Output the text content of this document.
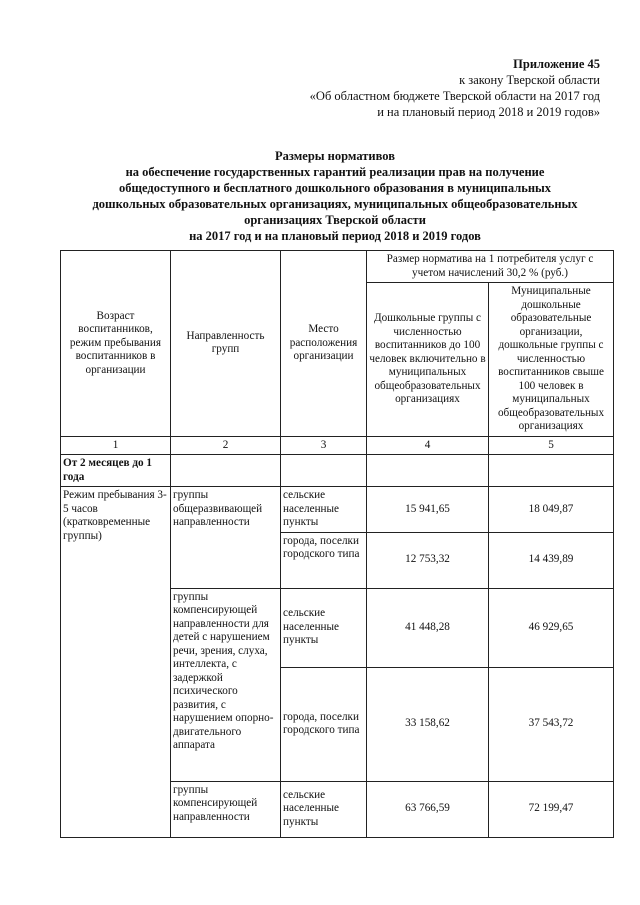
Приложение 45
к закону Тверской области
«Об областном бюджете Тверской области на 2017 год
и на плановый период 2018 и 2019 годов»
Размеры нормативов
на обеспечение государственных гарантий реализации прав на получение
общедоступного и бесплатного дошкольного образования в муниципальных
дошкольных образовательных организациях, муниципальных общеобразовательных
организациях Тверской области
на 2017 год и на плановый период 2018 и 2019 годов
Возраст воспитанников, режим пребывания воспитанников в организации	Направленность групп	Место расположения организации	Размер норматива на 1 потребителя услуг с учетом начислений 30,2 % (руб.)	
			Дошкольные группы с численностью воспитанников до 100 человек включительно в муниципальных общеобразовательных организациях	Муниципальные дошкольные образовательные организации, дошкольные группы с численностью воспитанников свыше 100 человек в муниципальных общеобразовательных организациях
1	2	3	4	5
От 2 месяцев до 1 года				
Режим пребывания 3-5 часов (кратковременные группы)	группы общеразвивающей направленности	сельские населенные пункты	15 941,65	18 049,87
		города, поселки городского типа	12 753,32	14 439,89
	группы компенсирующей направленности для детей с нарушением речи, зрения, слуха, интеллекта, с задержкой психического развития, с нарушением опорно-двигательного аппарата	сельские населенные пункты	41 448,28	46 929,65
		города, поселки городского типа	33 158,62	37 543,72
	группы компенсирующей направленности	сельские населенные пункты	63 766,59	72 199,47
